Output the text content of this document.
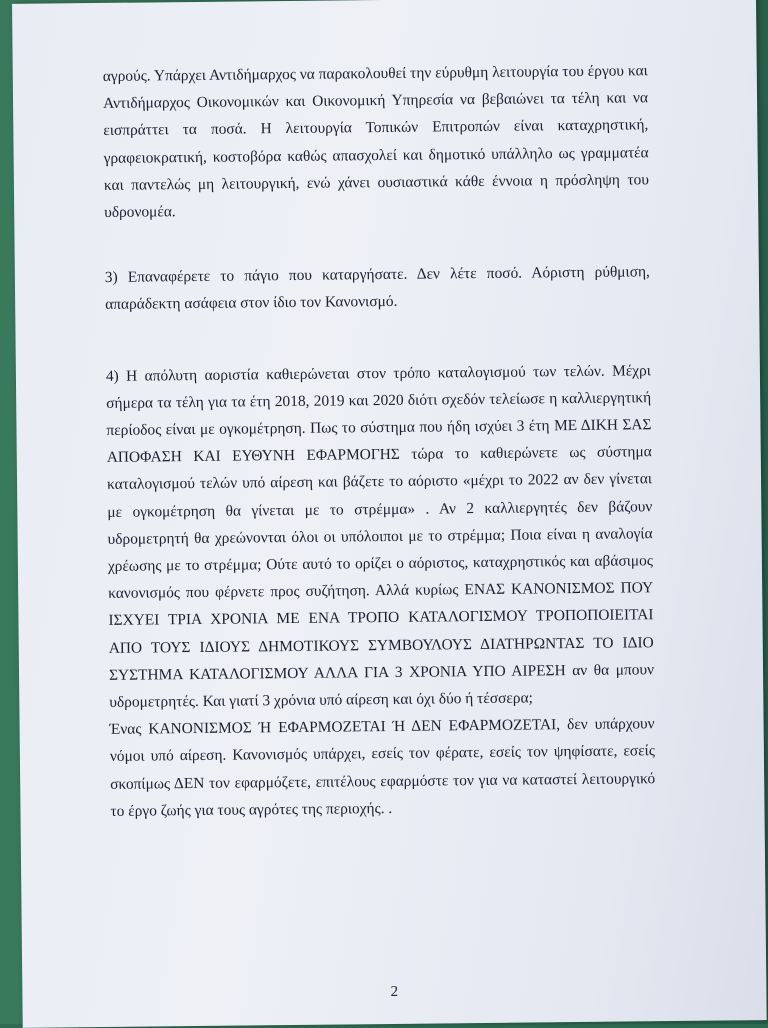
αγρούς. Υπάρχει Αντιδήμαρχος να παρακολουθεί την εύρυθμη λειτουργία του έργου και Αντιδήμαρχος Οικονομικών και Οικονομική Υπηρεσία να βεβαιώνει τα τέλη και να εισπράττει τα ποσά. Η λειτουργία Τοπικών Επιτροπών είναι καταχρηστική, γραφειοκρατική, κοστοβόρα καθώς απασχολεί και δημοτικό υπάλληλο ως γραμματέα και παντελώς μη λειτουργική, ενώ χάνει ουσιαστικά κάθε έννοια η πρόσληψη του υδρονομέα.

3) Επαναφέρετε το πάγιο που καταργήσατε. Δεν λέτε ποσό. Αόριστη ρύθμιση, απαράδεκτη ασάφεια στον ίδιο τον Κανονισμό.

4) Η απόλυτη αοριστία καθιερώνεται στον τρόπο καταλογισμού των τελών. Μέχρι σήμερα τα τέλη για τα έτη 2018, 2019 και 2020 διότι σχεδόν τελείωσε η καλλιεργητική περίοδος είναι με ογκομέτρηση. Πως το σύστημα που ήδη ισχύει 3 έτη ΜΕ ΔΙΚΗ ΣΑΣ ΑΠΟΦΑΣΗ ΚΑΙ ΕΥΘΥΝΗ ΕΦΑΡΜΟΓΗΣ τώρα το καθιερώνετε ως σύστημα καταλογισμού τελών υπό αίρεση και βάζετε το αόριστο «μέχρι το 2022 αν δεν γίνεται με ογκομέτρηση θα γίνεται με το στρέμμα» . Αν 2 καλλιεργητές δεν βάζουν υδρομετρητή θα χρεώνονται όλοι οι υπόλοιποι με το στρέμμα; Ποια είναι η αναλογία χρέωσης με το στρέμμα; Ούτε αυτό το ορίζει ο αόριστος, καταχρηστικός και αβάσιμος κανονισμός που φέρνετε προς συζήτηση. Αλλά κυρίως ΕΝΑΣ ΚΑΝΟΝΙΣΜΟΣ ΠΟΥ ΙΣΧΥΕΙ ΤΡΙΑ ΧΡΟΝΙΑ ΜΕ ΕΝΑ ΤΡΟΠΟ ΚΑΤΑΛΟΓΙΣΜΟΥ ΤΡΟΠΟΠΟΙΕΙΤΑΙ ΑΠΟ ΤΟΥΣ ΙΔΙΟΥΣ ΔΗΜΟΤΙΚΟΥΣ ΣΥΜΒΟΥΛΟΥΣ ΔΙΑΤΗΡΩΝΤΑΣ ΤΟ ΙΔΙΟ ΣΥΣΤΗΜΑ ΚΑΤΑΛΟΓΙΣΜΟΥ ΑΛΛΑ ΓΙΑ 3 ΧΡΟΝΙΑ ΥΠΟ ΑΙΡΕΣΗ αν θα μπουν υδρομετρητές. Και γιατί 3 χρόνια υπό αίρεση και όχι δύο ή τέσσερα;

Ένας ΚΑΝΟΝΙΣΜΟΣ Ή ΕΦΑΡΜΟΖΕΤΑΙ Ή ΔΕΝ ΕΦΑΡΜΟΖΕΤΑΙ, δεν υπάρχουν νόμοι υπό αίρεση. Κανονισμός υπάρχει, εσείς τον φέρατε, εσείς τον ψηφίσατε, εσείς σκοπίμως ΔΕΝ τον εφαρμόζετε, επιτέλους εφαρμόστε τον για να καταστεί λειτουργικό το έργο ζωής για τους αγρότες της περιοχής. .

2
